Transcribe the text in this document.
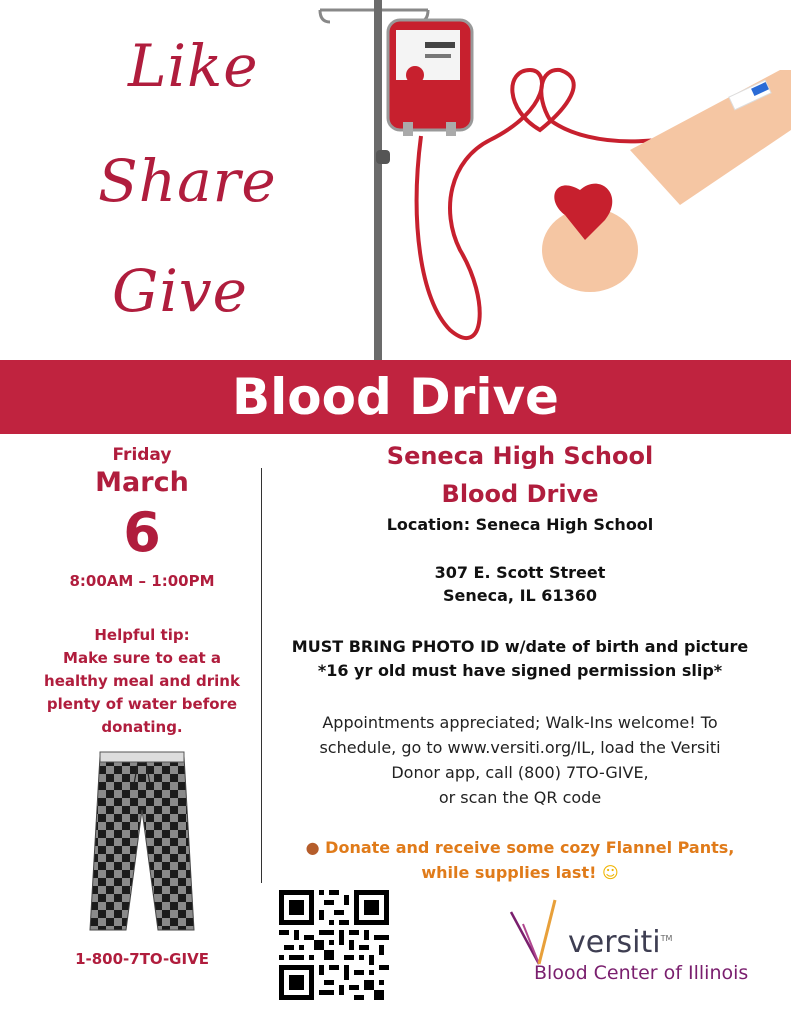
Like
Share
Give
Blood Drive
Friday
March
6
8:00AM – 1:00PM
Helpful tip:
Make sure to eat a
healthy meal and drink
plenty of water before
donating.
1-800-7TO-GIVE
Seneca High School
Blood Drive
Location: Seneca High School
307 E. Scott Street
Seneca, IL 61360
MUST BRING PHOTO ID w/date of birth and picture
*16 yr old must have signed permission slip*
Appointments appreciated; Walk-Ins welcome! To
schedule, go to www.versiti.org/IL, load the Versiti
Donor app, call (800) 7TO-GIVE,
or scan the QR code
● Donate and receive some cozy Flannel Pants,
while supplies last! ☺
versiti™
Blood Center of Illinois
